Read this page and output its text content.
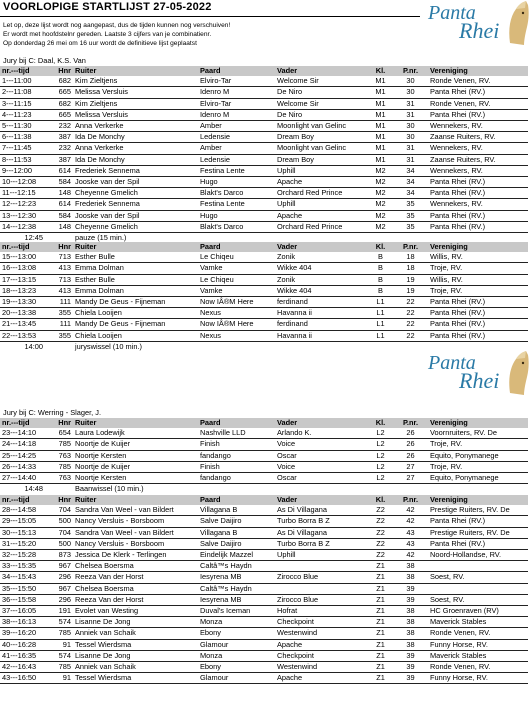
VOORLOPIGE STARTLIJST 27-05-2022
Let op, deze lijst wordt nog aangepast, dus de tijden kunnen nog verschuiven!
Er wordt met hoofdstelnr gereden. Laatste 3 cijfers van je combinatienr.
Op donderdag 26 mei om 16 uur wordt de definitieve lijst geplaatst
Panta
Rhei
Panta
Rhei
Jury bij C: Daal, K.S. Van
nr.---tijd	Hnr	Ruiter	Paard	Vader	Kl.	P.nr.	Vereniging
1---11:00	682	Kim Zieltjens	Elviro-Tar	Welcome Sir	M1	30	Ronde Venen, RV.
2---11:08	665	Melissa Versluis	Idenro M	De Niro	M1	30	Panta Rhei (RV.)
3---11:15	682	Kim Zieltjens	Elviro-Tar	Welcome Sir	M1	31	Ronde Venen, RV.
4---11:23	665	Melissa Versluis	Idenro M	De Niro	M1	31	Panta Rhei (RV.)
5---11:30	232	Anna Verkerke	Amber	Moonlight van Gelinc	M1	30	Wennekers, RV.
6---11:38	387	Ida De Monchy	Ledensie	Dream Boy	M1	30	Zaanse Ruiters, RV.
7---11:45	232	Anna Verkerke	Amber	Moonlight van Gelinc	M1	31	Wennekers, RV.
8---11:53	387	Ida De Monchy	Ledensie	Dream Boy	M1	31	Zaanse Ruiters, RV.
9---12:00	614	Frederiek Sennema	Festina Lente	Uphill	M2	34	Wennekers, RV.
10---12:08	584	Jooske van der Spil	Hugo	Apache	M2	34	Panta Rhei (RV.)
11---12:15	148	Cheyenne Gmelich	Blakt's Darco	Orchard Red Prince	M2	34	Panta Rhei (RV.)
12---12:23	614	Frederiek Sennema	Festina Lente	Uphill	M2	35	Wennekers, RV.
13---12:30	584	Jooske van der Spil	Hugo	Apache	M2	35	Panta Rhei (RV.)
14---12:38	148	Cheyenne Gmelich	Blakt's Darco	Orchard Red Prince	M2	35	Panta Rhei (RV.)
12:45	pauze (15 min.)						
nr.---tijd	Hnr	Ruiter	Paard	Vader	Kl.	P.nr.	Vereniging
15---13:00	713	Esther Bulle	Le Chiqeu	Zonik	B	18	Willis, RV.
16---13:08	413	Emma Dolman	Vamke	Wikke 404	B	18	Troje, RV.
17---13:15	713	Esther Bulle	Le Chiqeu	Zonik	B	19	Willis, RV.
18---13:23	413	Emma Dolman	Vamke	Wikke 404	B	19	Troje, RV.
19---13:30	111	Mandy De Geus - Fijneman	Now IÂ®M Here	ferdinand	L1	22	Panta Rhei (RV.)
20---13:38	355	Chiela Looijen	Nexus	Havanna ii	L1	22	Panta Rhei (RV.)
21---13:45	111	Mandy De Geus - Fijneman	Now IÂ®M Here	ferdinand	L1	22	Panta Rhei (RV.)
22---13:53	355	Chiela Looijen	Nexus	Havanna ii	L1	22	Panta Rhei (RV.)
14:00	juryswissel (10 min.)						
Jury bij C: Werring - Slager, J.
nr.---tijd	Hnr	Ruiter	Paard	Vader	Kl.	P.nr.	Vereniging
23---14:10	654	Laura Lodewijk	Nashville LLD	Arlando K.	L2	26	Voornruiters, RV. De
24---14:18	785	Noortje de Kuijer	Finish	Voice	L2	26	Troje, RV.
25---14:25	763	Noortje Kersten	fandango	Oscar	L2	26	Equito, Ponymanege
26---14:33	785	Noortje de Kuijer	Finish	Voice	L2	27	Troje, RV.
27---14:40	763	Noortje Kersten	fandango	Oscar	L2	27	Equito, Ponymanege
14:48	Baanwissel (10 min.)						
nr.---tijd	Hnr	Ruiter	Paard	Vader	Kl.	P.nr.	Vereniging
28---14:58	704	Sandra Van Weel - van Bildert	Villagana B	As Di Villagana	Z2	42	Prestige Ruiters, RV. De
29---15:05	500	Nancy Versluis - Borsboom	Salve Daijiro	Turbo Borra B Z	Z2	42	Panta Rhei (RV.)
30---15:13	704	Sandra Van Weel - van Bildert	Villagana B	As Di Villagana	Z2	43	Prestige Ruiters, RV. De
31---15:20	500	Nancy Versluis - Borsboom	Salve Daijiro	Turbo Borra B Z	Z2	43	Panta Rhei (RV.)
32---15:28	873	Jessica De Klerk - Terlingen	Eindelijk Mazzel	Uphill	Z2	42	Noord-Hollandse, RV.
33---15:35	967	Chelsea Boersma	Caltâ™s Haydn		Z1	38	
34---15:43	296	Reeza Van der Horst	Iesyrena MB	Zirocco Blue	Z1	38	Soest, RV.
35---15:50	967	Chelsea Boersma	Caltâ™s Haydn		Z1	39	
36---15:58	296	Reeza Van der Horst	Iesyrena MB	Zirocco Blue	Z1	39	Soest, RV.
37---16:05	191	Evolet van Westing	Duval's Iceman	Hofrat	Z1	38	HC Groenraven (RV)
38---16:13	574	Lisanne De Jong	Monza	Checkpoint	Z1	38	Maverick Stables
39---16:20	785	Anniek van Schaik	Ebony	Westenwind	Z1	38	Ronde Venen, RV.
40---16:28	91	Tessel Wierdsma	Glamour	Apache	Z1	38	Funny Horse, RV.
41---16:35	574	Lisanne De Jong	Monza	Checkpoint	Z1	39	Maverick Stables
42---16:43	785	Anniek van Schaik	Ebony	Westenwind	Z1	39	Ronde Venen, RV.
43---16:50	91	Tessel Wierdsma	Glamour	Apache	Z1	39	Funny Horse, RV.
